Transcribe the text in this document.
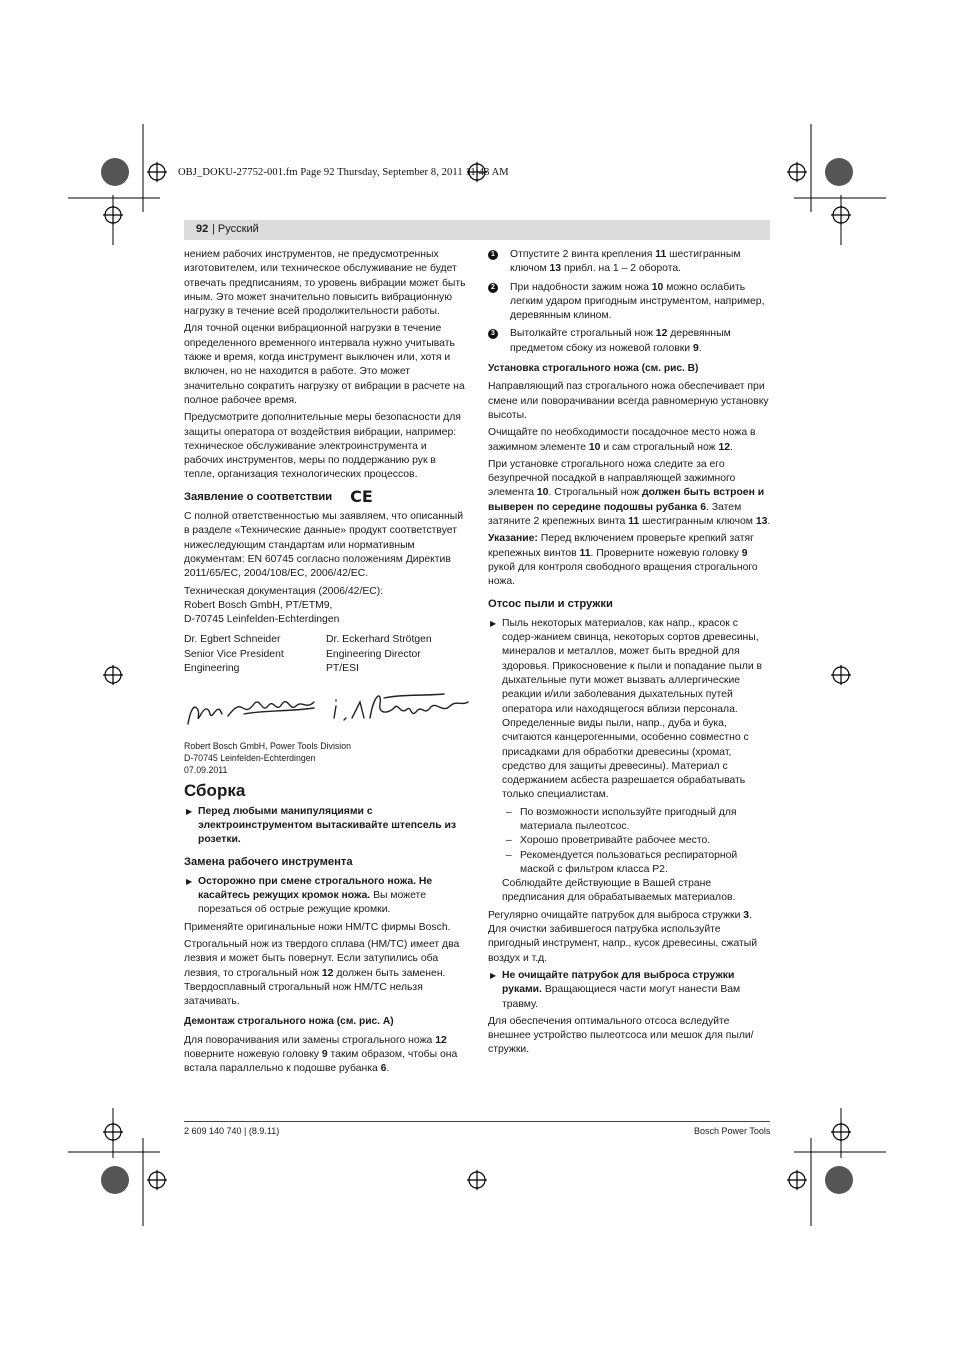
OBJ_DOKU-27752-001.fm Page 92 Thursday, September 8, 2011 11:43 AM
92 | Русский

нением рабочих инструментов, не предусмотренных изготовителем, или техническое обслуживание не будет отвечать предписаниям, то уровень вибрации может быть иным. Это может значительно повысить вибрационную нагрузку в течение всей продолжительности работы.

Для точной оценки вибрационной нагрузки в течение определенного временного интервала нужно учитывать также и время, когда инструмент выключен или, хотя и включен, но не находится в работе. Это может значительно сократить нагрузку от вибрации в расчете на полное рабочее время.

Предусмотрите дополнительные меры безопасности для защиты оператора от воздействия вибрации, например: техническое обслуживание электроинструмента и рабочих инструментов, меры по поддержанию рук в тепле, организация технологических процессов.

Заявление о соответствии CE

С полной ответственностью мы заявляем, что описанный в разделе «Технические данные» продукт соответствует нижеследующим стандартам или нормативным документам: EN 60745 согласно положениям Директив 2011/65/EC, 2004/108/EC, 2006/42/EC.

Техническая документация (2006/42/EC):
Robert Bosch GmbH, PT/ETM9,
D-70745 Leinfelden-Echterdingen

Dr. Egbert Schneider
Senior Vice President
Engineering
Dr. Eckerhard Strötgen
Engineering Director
PT/ESI

Robert Bosch GmbH, Power Tools Division
D-70745 Leinfelden-Echterdingen
07.09.2011

Сборка
▶ Перед любыми манипуляциями с электроинструментом вытаскивайте штепсель из розетки.
Замена рабочего инструмента
▶ Осторожно при смене строгального ножа. Не касайтесь режущих кромок ножа. Вы можете порезаться об острые режущие кромки.

Применяйте оригинальные ножи HM/TC фирмы Bosch.

Строгальный нож из твердого сплава (HM/TC) имеет два лезвия и может быть повернут. Если затупились оба лезвия, то строгальный нож 12 должен быть заменен. Твердосплавный строгальный нож HM/TC нельзя затачивать.

Демонтаж строгального ножа (см. рис. А)

Для поворачивания или замены строгального ножа 12 поверните ножевую головку 9 таким образом, чтобы она встала параллельно к подошве рубанка 6.

1 Отпустите 2 винта крепления 11 шестигранным ключом 13 прибл. на 1 – 2 оборота.
2 При надобности зажим ножа 10 можно ослабить легким ударом пригодным инструментом, например, деревянным клином.
3 Вытолкайте строгальный нож 12 деревянным предметом сбоку из ножевой головки 9.
Установка строгального ножа (см. рис. В)

Направляющий паз строгального ножа обеспечивает при смене или поворачивании всегда равномерную установку высоты.

Очищайте по необходимости посадочное место ножа в зажимном элементе 10 и сам строгальный нож 12.

При установке строгального ножа следите за его безупречной посадкой в направляющей зажимного элемента 10. Строгальный нож должен быть встроен и выверен по середине подошвы рубанка 6. Затем затяните 2 крепежных винта 11 шестигранным ключом 13.

Указание: Перед включением проверьте крепкий затяг крепежных винтов 11. Проверните ножевую головку 9 рукой для контроля свободного вращения строгального ножа.

Отсос пыли и стружки
▶ Пыль некоторых материалов, как напр., красок с содер-жанием свинца, некоторых сортов древесины, минералов и металлов, может быть вредной для здоровья. Прикосновение к пыли и попадание пыли в дыхательные пути может вызвать аллергические реакции и/или заболевания дыхательных путей оператора или находящегося вблизи персонала. Определенные виды пыли, напр., дуба и бука, считаются канцерогенными, особенно совместно с присадками для обработки древесины (хромат, средство для защиты древесины). Материал с содержанием асбеста разрешается обрабатывать только специалистам.
– По возможности используйте пригодный для материала пылеотсос.
– Хорошо проветривайте рабочее место.
– Рекомендуется пользоваться респираторной маской с фильтром класса P2.

Соблюдайте действующие в Вашей стране предписания для обрабатываемых материалов.

Регулярно очищайте патрубок для выброса стружки 3. Для очистки забившегося патрубка используйте пригодный инструмент, напр., кусок древесины, сжатый воздух и т.д.

▶ Не очищайте патрубок для выброса стружки руками. Вращающиеся части могут нанести Вам травму.

Для обеспечения оптимального отсоса вследуйте внешнее устройство пылеотсоса или мешок для пыли/стружки.

2 609 140 740 | (8.9.11)	Bosch Power Tools
